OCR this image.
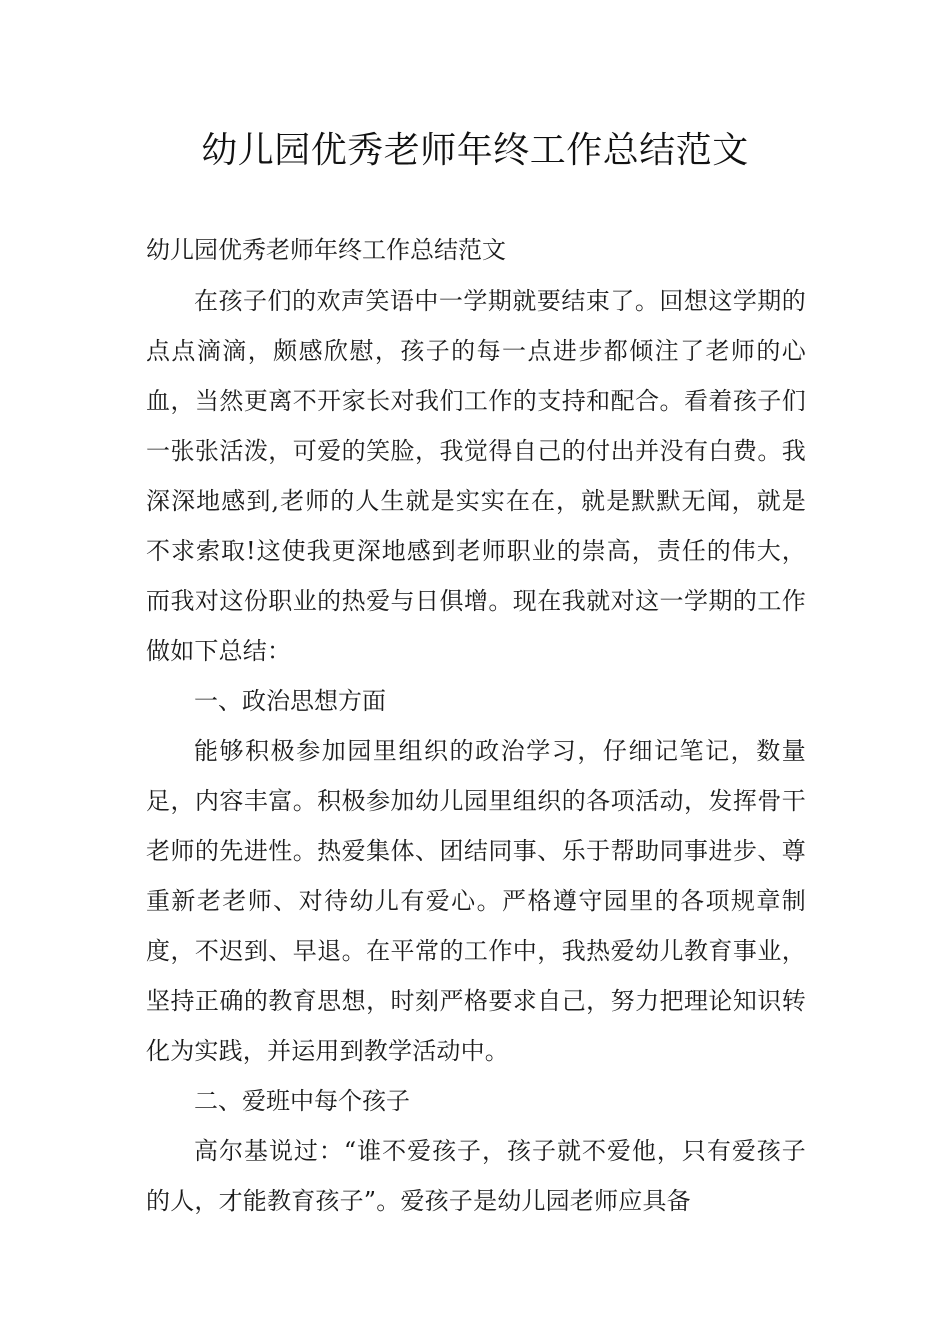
幼儿园优秀老师年终工作总结范文

幼儿园优秀老师年终工作总结范文

在孩子们的欢声笑语中一学期就要结束了。回想这学期的点点滴滴，颇感欣慰，孩子的每一点进步都倾注了老师的心血，当然更离不开家长对我们工作的支持和配合。看着孩子们一张张活泼，可爱的笑脸，我觉得自己的付出并没有白费。我深深地感到,老师的人生就是实实在在，就是默默无闻，就是不求索取!这使我更深地感到老师职业的崇高，责任的伟大，而我对这份职业的热爱与日俱增。现在我就对这一学期的工作做如下总结：

一、政治思想方面

能够积极参加园里组织的政治学习，仔细记笔记，数量足，内容丰富。积极参加幼儿园里组织的各项活动，发挥骨干老师的先进性。热爱集体、团结同事、乐于帮助同事进步、尊重新老老师、对待幼儿有爱心。严格遵守园里的各项规章制度，不迟到、早退。在平常的工作中，我热爱幼儿教育事业，坚持正确的教育思想，时刻严格要求自己，努力把理论知识转化为实践，并运用到教学活动中。

二、爱班中每个孩子

高尔基说过：“谁不爱孩子，孩子就不爱他，只有爱孩子的人，才能教育孩子”。爱孩子是幼儿园老师应具备
